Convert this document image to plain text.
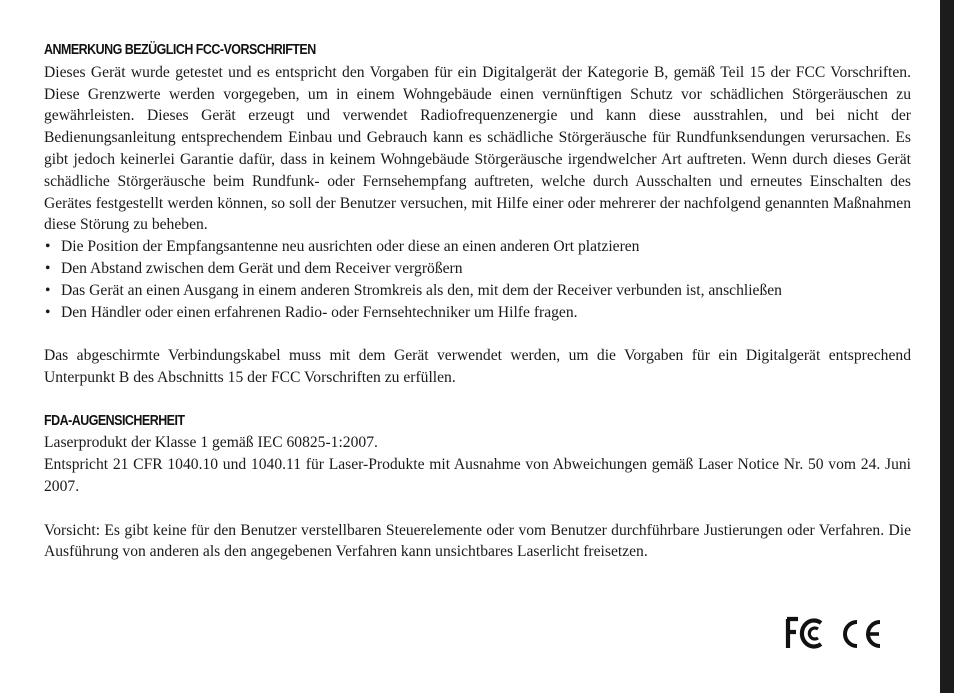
ANMERKUNG BEZÜGLICH FCC-VORSCHRIFTEN

Dieses Gerät wurde getestet und es entspricht den Vorgaben für ein Digitalgerät der Kategorie B, gemäß Teil 15 der FCC Vorschriften. Diese Grenzwerte werden vorgegeben, um in einem Wohngebäude einen vernünftigen Schutz vor schädlichen Störgeräuschen zu gewährleisten. Dieses Gerät erzeugt und verwendet Radiofrequenzenergie und kann diese ausstrahlen, und bei nicht der Bedienungsanleitung entsprechendem Einbau und Gebrauch kann es schädliche Störgeräusche für Rundfunksendungen verursachen. Es gibt jedoch keinerlei Garantie dafür, dass in keinem Wohngebäude Störgeräusche irgendwelcher Art auftreten. Wenn durch dieses Gerät schädliche Störgeräusche beim Rundfunk- oder Fernsehempfang auftreten, welche durch Ausschalten und erneutes Einschalten des Gerätes festgestellt werden können, so soll der Benutzer versuchen, mit Hilfe einer oder mehrerer der nachfolgend genannten Maßnahmen diese Störung zu beheben.

• Die Position der Empfangsantenne neu ausrichten oder diese an einen anderen Ort platzieren
• Den Abstand zwischen dem Gerät und dem Receiver vergrößern
• Das Gerät an einen Ausgang in einem anderen Stromkreis als den, mit dem der Receiver verbunden ist, anschließen
• Den Händler oder einen erfahrenen Radio- oder Fernsehtechniker um Hilfe fragen.

Das abgeschirmte Verbindungskabel muss mit dem Gerät verwendet werden, um die Vorgaben für ein Digitalgerät entsprechend Unterpunkt B des Abschnitts 15 der FCC Vorschriften zu erfüllen.

FDA-AUGENSICHERHEIT

Laserprodukt der Klasse 1 gemäß IEC 60825-1:2007.

Entspricht 21 CFR 1040.10 und 1040.11 für Laser-Produkte mit Ausnahme von Abweichungen gemäß Laser Notice Nr. 50 vom 24. Juni 2007.

Vorsicht: Es gibt keine für den Benutzer verstellbaren Steuerelemente oder vom Benutzer durchführbare Justierungen oder Verfahren. Die Ausführung von anderen als den angegebenen Verfahren kann unsichtbares Laserlicht freisetzen.
